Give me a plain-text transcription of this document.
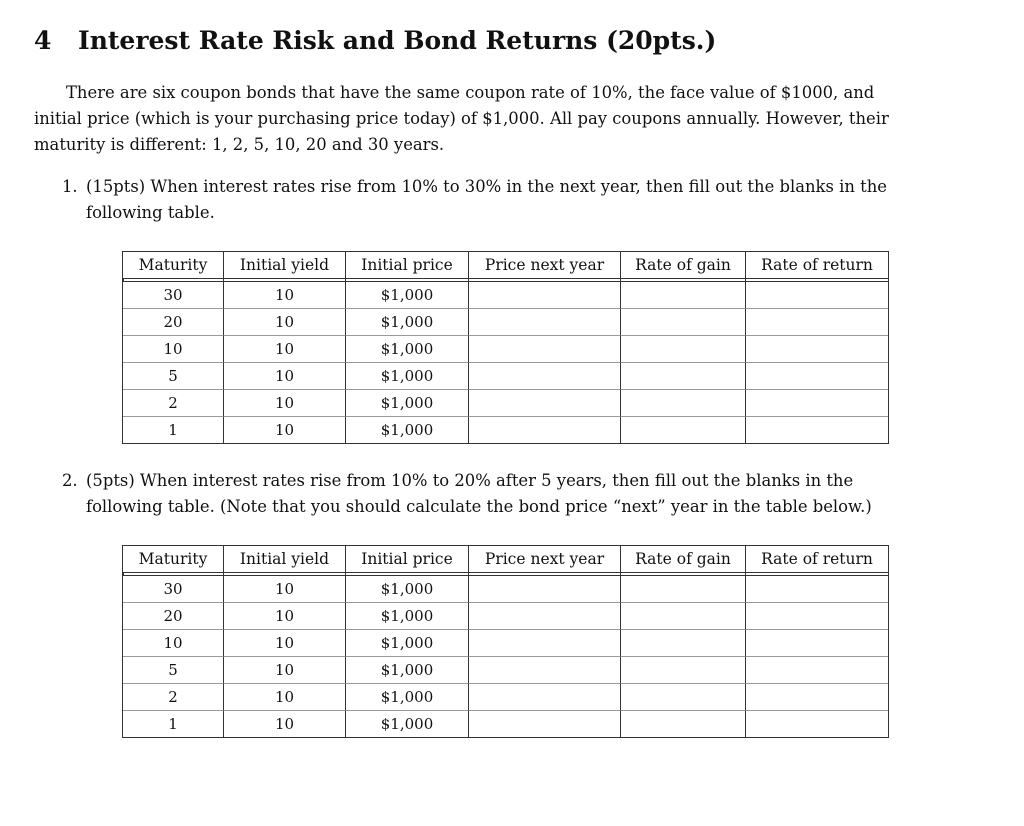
4 Interest Rate Risk and Bond Returns (20pts.)

There are six coupon bonds that have the same coupon rate of 10%, the face value of $1000, and initial price (which is your purchasing price today) of $1,000. All pay coupons annually. However, their maturity is different: 1, 2, 5, 10, 20 and 30 years.

1. (15pts) When interest rates rise from 10% to 30% in the next year, then fill out the blanks in the following table.
Maturity	Initial yield	Initial price	Price next year	Rate of gain	Rate of return

30	10	$1,000			
20	10	$1,000			
10	10	$1,000			
5	10	$1,000			
2	10	$1,000			
1	10	$1,000			
2. (5pts) When interest rates rise from 10% to 20% after 5 years, then fill out the blanks in the following table. (Note that you should calculate the bond price “next” year in the table below.)
Maturity	Initial yield	Initial price	Price next year	Rate of gain	Rate of return

30	10	$1,000			
20	10	$1,000			
10	10	$1,000			
5	10	$1,000			
2	10	$1,000			
1	10	$1,000			
